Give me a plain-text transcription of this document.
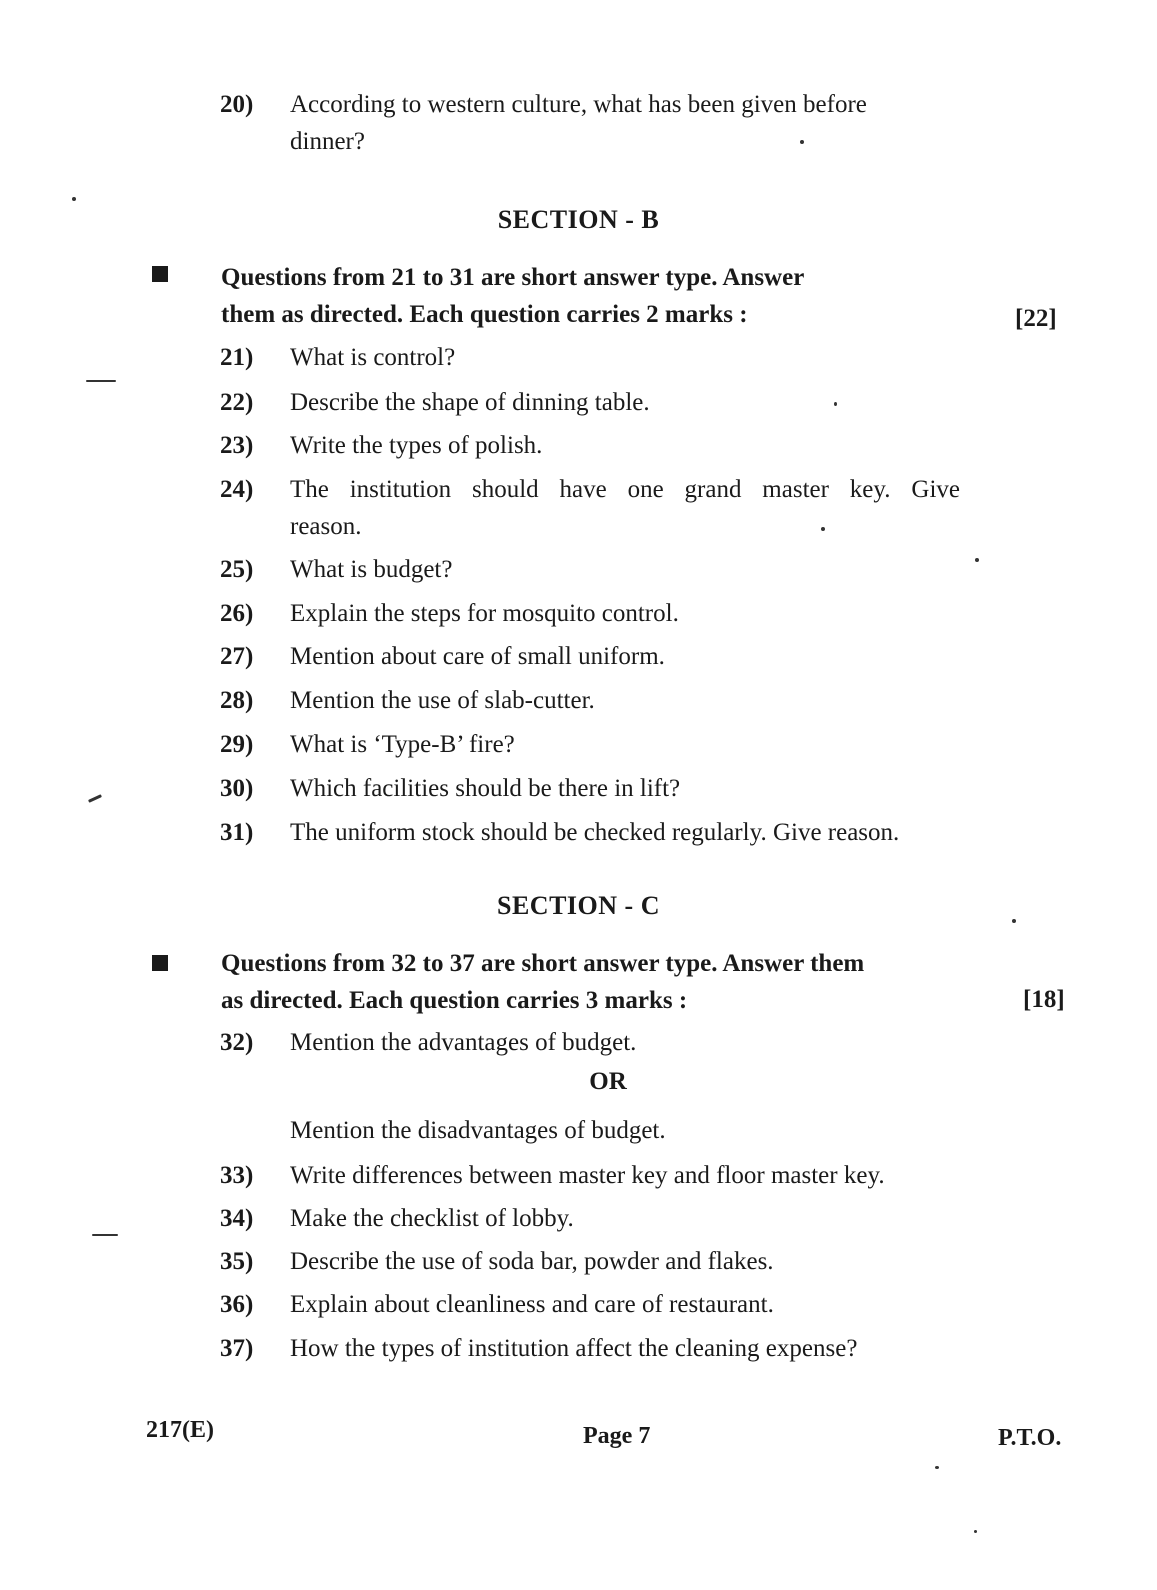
20) According to western culture, what has been given before
dinner?
SECTION - B
Questions from 21 to 31 are short answer type. Answer
them as directed. Each question carries 2 marks :	[22]
21) What is control?
22) Describe the shape of dinning table.
23) Write the types of polish.
24) The institution should have one grand master key. Give
reason.
25) What is budget?
26) Explain the steps for mosquito control.
27) Mention about care of small uniform.
28) Mention the use of slab-cutter.
29) What is ‘Type-B’ fire?
30) Which facilities should be there in lift?
31) The uniform stock should be checked regularly. Give reason.
SECTION - C
Questions from 32 to 37 are short answer type. Answer them
as directed. Each question carries 3 marks :	[18]
32) Mention the advantages of budget.
OR
Mention the disadvantages of budget.
33) Write differences between master key and floor master key.
34) Make the checklist of lobby.
35) Describe the use of soda bar, powder and flakes.
36) Explain about cleanliness and care of restaurant.
37) How the types of institution affect the cleaning expense?
217(E)	Page 7	P.T.O.
